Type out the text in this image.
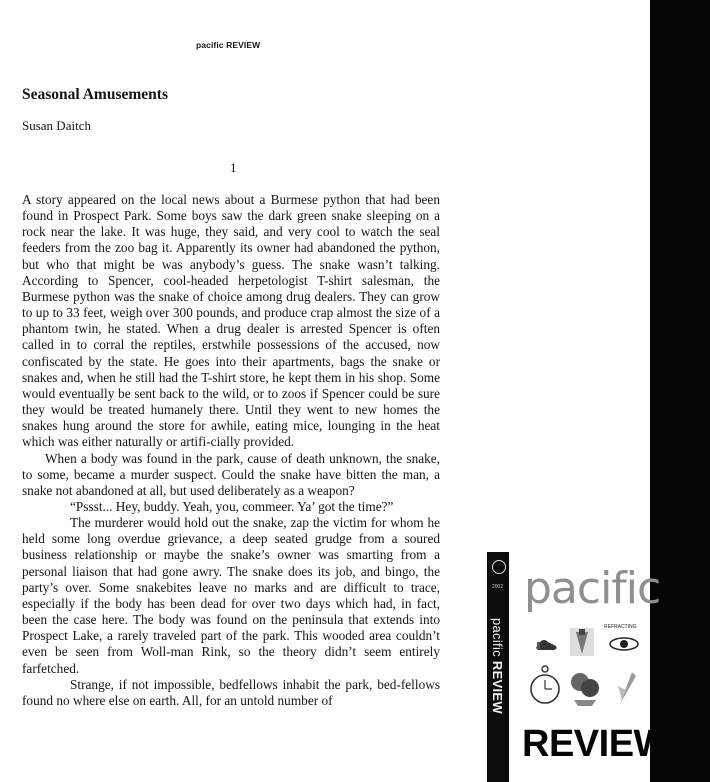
pacific REVIEW
Seasonal Amusements
Susan Daitch
1

A story appeared on the local news about a Burmese python that had been found in Prospect Park. Some boys saw the dark green snake sleeping on a rock near the lake. It was huge, they said, and very cool to watch the seal feeders from the zoo bag it. Apparently its owner had abandoned the python, but who that might be was anybody’s guess. The snake wasn’t talking. According to Spencer, cool-headed herpetologist T-shirt salesman, the Burmese python was the snake of choice among drug dealers. They can grow to up to 33 feet, weigh over 300 pounds, and produce crap almost the size of a phantom twin, he stated. When a drug dealer is arrested Spencer is often called in to corral the reptiles, erstwhile possessions of the accused, now confiscated by the state. He goes into their apartments, bags the snake or snakes and, when he still had the T-shirt store, he kept them in his shop. Some would eventually be sent back to the wild, or to zoos if Spencer could be sure they would be treated humanely there. Until they went to new homes the snakes hung around the store for awhile, eating mice, lounging in the heat which was either naturally or artifi-cially provided.

When a body was found in the park, cause of death unknown, the snake, to some, became a murder suspect. Could the snake have bitten the man, a snake not abandoned at all, but used deliberately as a weapon?

“Pssst... Hey, buddy. Yeah, you, commeer. Ya’ got the time?”

The murderer would hold out the snake, zap the victim for whom he held some long overdue grievance, a deep seated grudge from a soured business relationship or maybe the snake’s owner was smarting from a personal liaison that had gone awry. The snake does its job, and bingo, the party’s over. Some snakebites leave no marks and are difficult to trace, especially if the body has been dead for over two days which had, in fact, been the case here. The body was found on the peninsula that extends into Prospect Lake, a rarely traveled part of the park. This wooded area couldn’t even be seen from Woll-man Rink, so the theory didn’t seem entirely farfetched.

Strange, if not impossible, bedfellows inhabit the park, bed-fellows found no where else on earth. All, for an untold number of

2002
pacific REVIEW
pacific
REFRACTING
REVIEW
